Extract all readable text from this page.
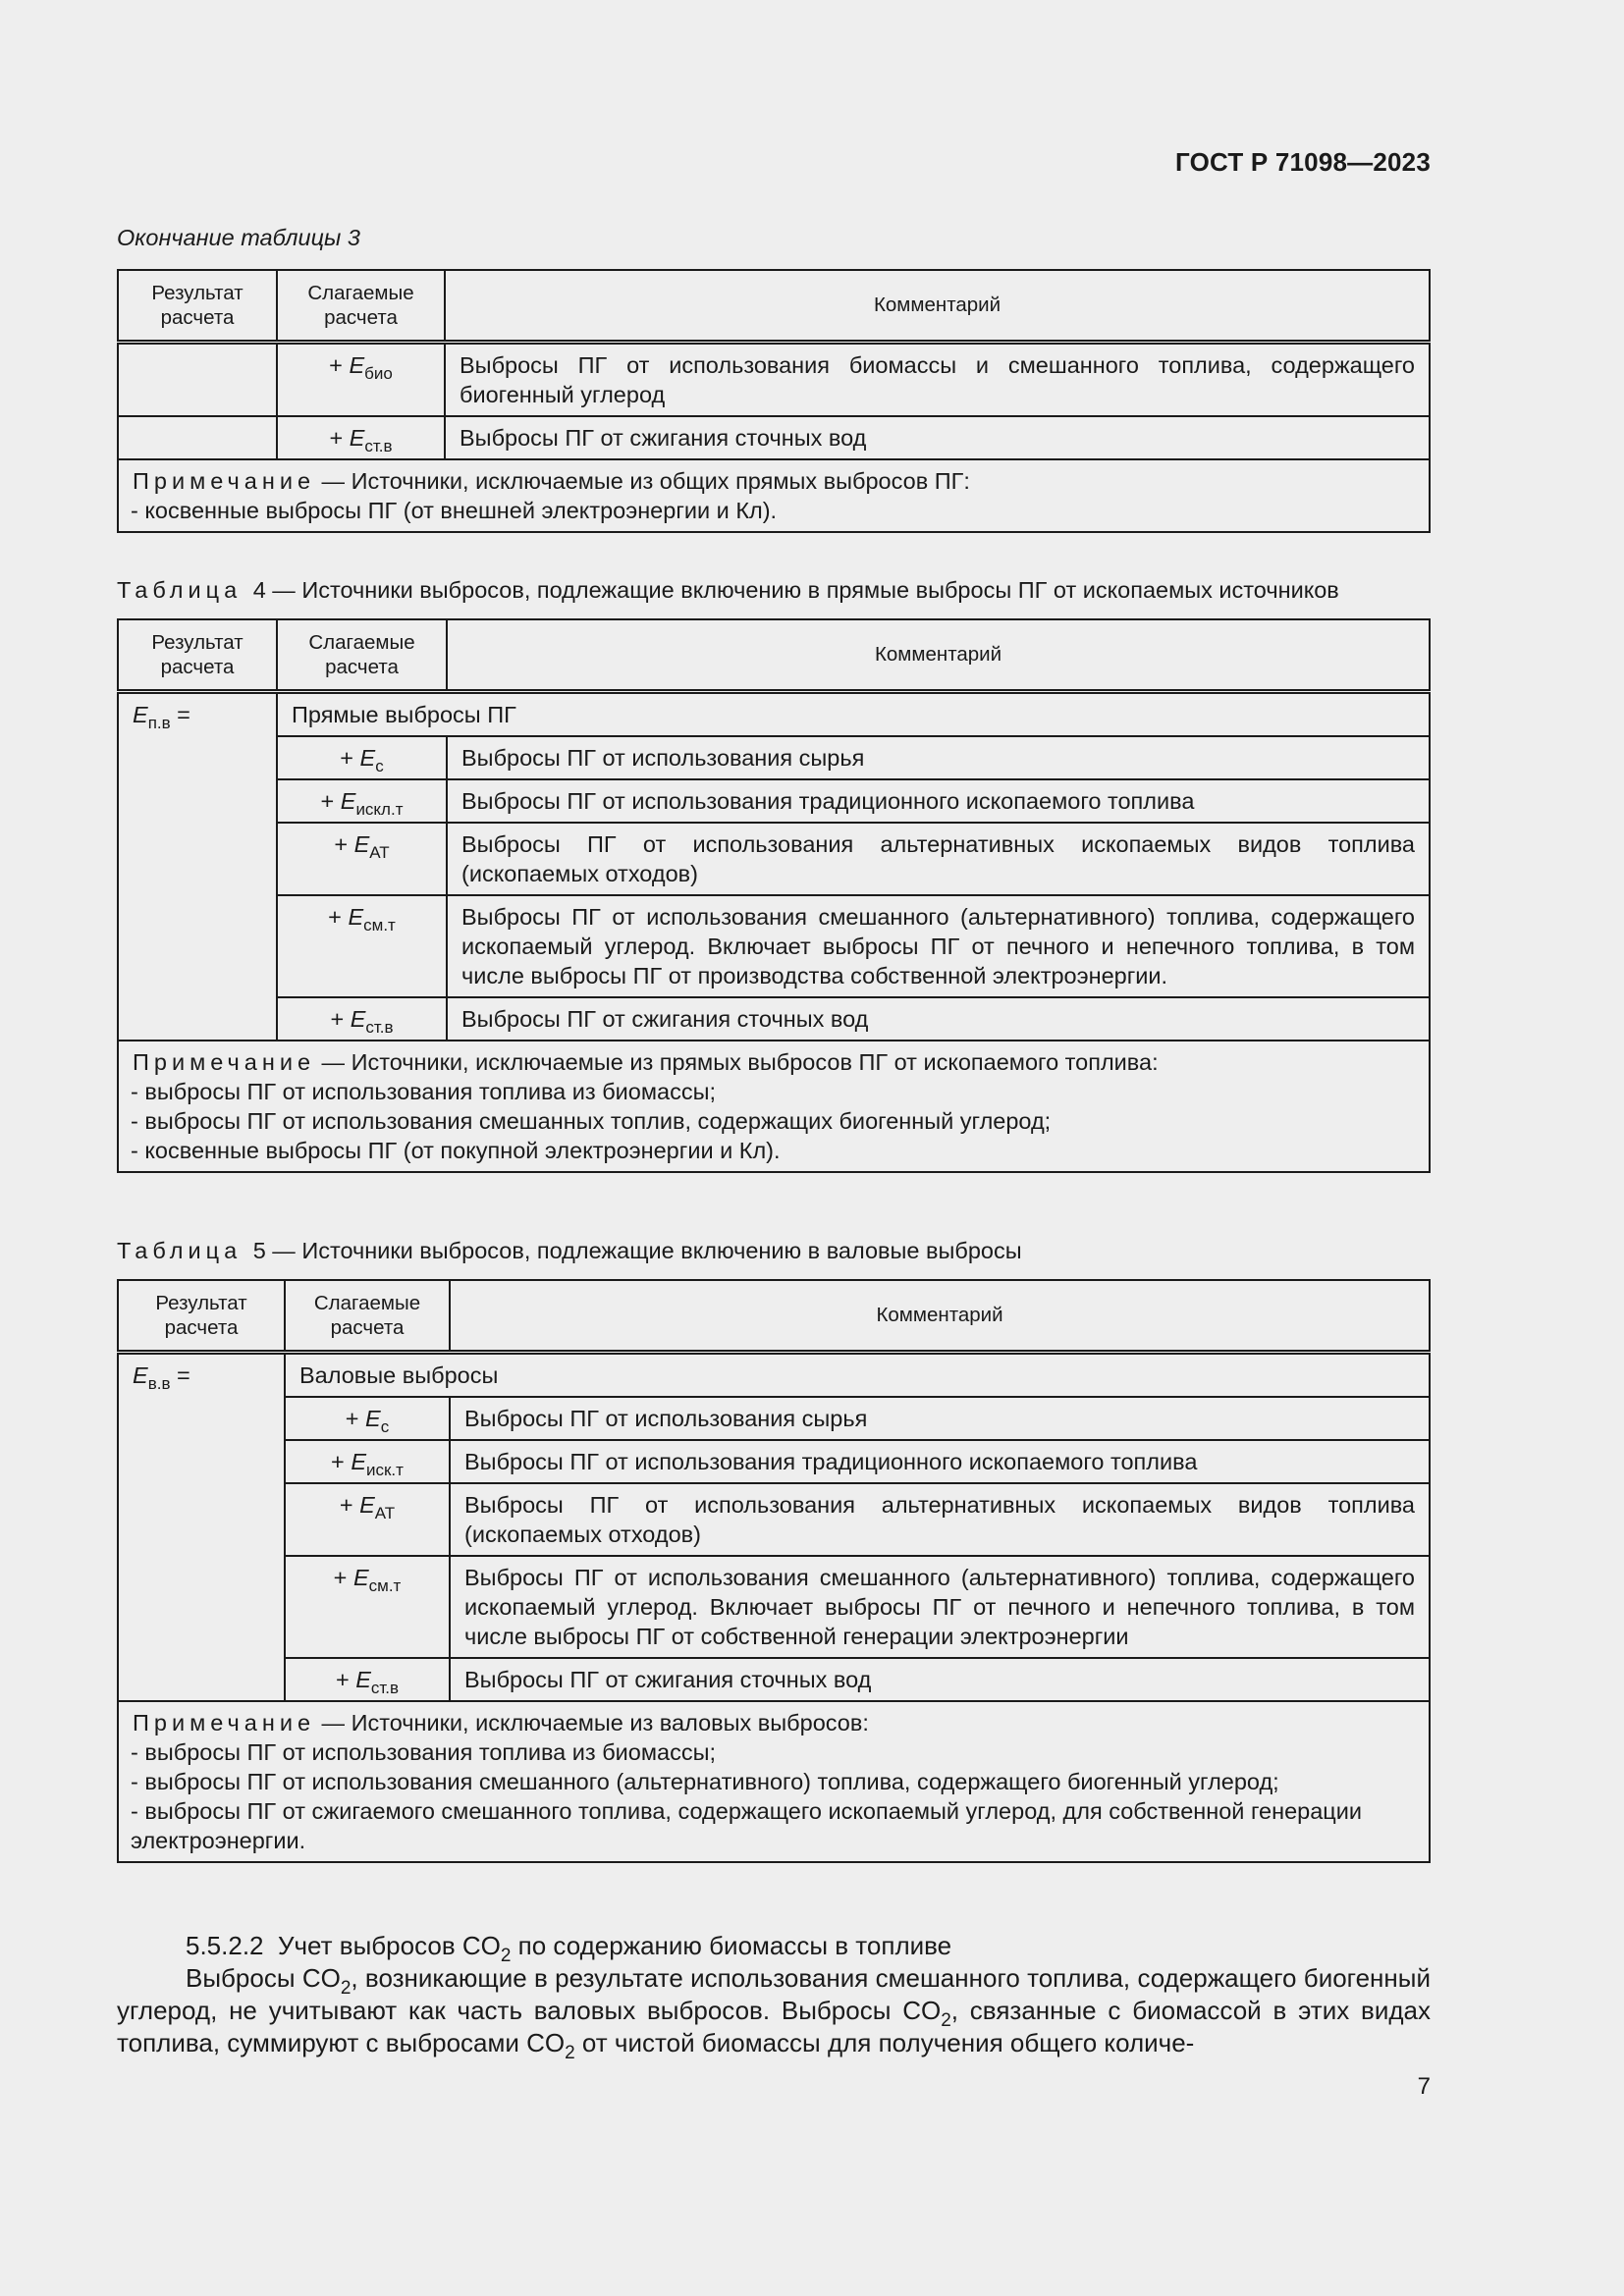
ГОСТ Р 71098—2023
Окончание таблицы 3
Результат расчета	Слагаемые расчета	Комментарий
	+ $E_{био}$	Выбросы ПГ от использования биомассы и смешанного топлива, содержащего биогенный углерод
	+ $E_{ст.в}$	Выбросы ПГ от сжигания сточных вод

Примечание — Источники, исключаемые из общих прямых выбросов ПГ:
- косвенные выбросы ПГ (от внешней электроэнергии и Кл).		
Таблица 4 — Источники выбросов, подлежащие включению в прямые выбросы ПГ от ископаемых источников
Результат расчета	Слагаемые расчета	Комментарий
$E_{п.в}$ =	Прямые выбросы ПГ	
	+ $E_с$	Выбросы ПГ от использования сырья
	+ $E_{искл.т}$	Выбросы ПГ от использования традиционного ископаемого топлива
	+ $E_{АТ}$	Выбросы ПГ от использования альтернативных ископаемых видов топлива (ископаемых отходов)
	+ $E_{см.т}$	Выбросы ПГ от использования смешанного (альтернативного) топлива, содержащего ископаемый углерод. Включает выбросы ПГ от печного и непечного топлива, в том числе выбросы ПГ от производства собственной электроэнергии.
	+ $E_{ст.в}$	Выбросы ПГ от сжигания сточных вод

Примечание — Источники, исключаемые из прямых выбросов ПГ от ископаемого топлива:
- выбросы ПГ от использования топлива из биомассы;
- выбросы ПГ от использования смешанных топлив, содержащих биогенный углерод;
- косвенные выбросы ПГ (от покупной электроэнергии и Кл).		
Таблица 5 — Источники выбросов, подлежащие включению в валовые выбросы
Результат расчета	Слагаемые расчета	Комментарий
$E_{в.в}$ =	Валовые выбросы	
	+ $E_с$	Выбросы ПГ от использования сырья
	+ $E_{иск.т}$	Выбросы ПГ от использования традиционного ископаемого топлива
	+ $E_{АТ}$	Выбросы ПГ от использования альтернативных ископаемых видов топлива (ископаемых отходов)
	+ $E_{см.т}$	Выбросы ПГ от использования смешанного (альтернативного) топлива, содержащего ископаемый углерод. Включает выбросы ПГ от печного и непечного топлива, в том числе выбросы ПГ от собственной генерации электроэнергии
	+ $E_{ст.в}$	Выбросы ПГ от сжигания сточных вод

Примечание — Источники, исключаемые из валовых выбросов:
- выбросы ПГ от использования топлива из биомассы;
- выбросы ПГ от использования смешанного (альтернативного) топлива, содержащего биогенный углерод;
- выбросы ПГ от сжигаемого смешанного топлива, содержащего ископаемый углерод, для собственной генерации электроэнергии.		

5.5.2.2 Учет выбросов $CO_2$ по содержанию биомассы в топливе

Выбросы $CO_2$, возникающие в результате использования смешанного топлива, содержащего биогенный углерод, не учитывают как часть валовых выбросов. Выбросы $CO_2$, связанные с биомассой в этих видах топлива, суммируют с выбросами $CO_2$ от чистой биомассы для получения общего количе-

7
